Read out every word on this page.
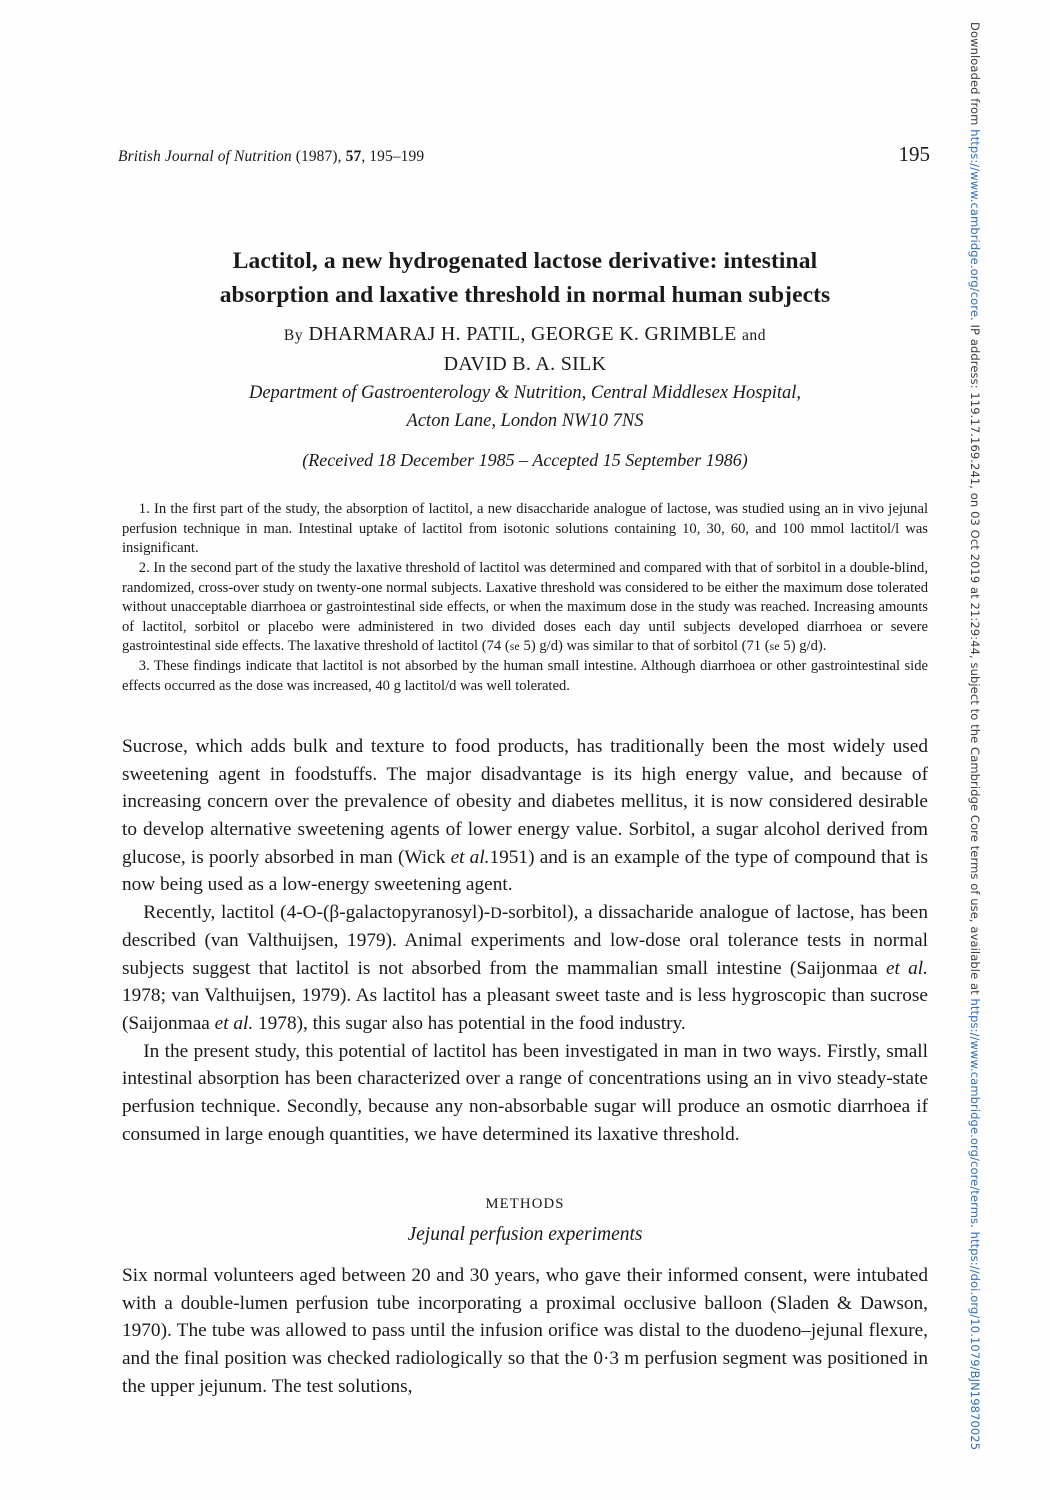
Downloaded from https://www.cambridge.org/core. IP address: 119.17.169.241, on 03 Oct 2019 at 21:29:44, subject to the Cambridge Core terms of use, available at https://www.cambridge.org/core/terms. https://doi.org/10.1079/BJN19870025
British Journal of Nutrition (1987), 57, 195–199	195
Lactitol, a new hydrogenated lactose derivative: intestinal
absorption and laxative threshold in normal human subjects
By DHARMARAJ H. PATIL, GEORGE K. GRIMBLE and
DAVID B. A. SILK
Department of Gastroenterology & Nutrition, Central Middlesex Hospital,
Acton Lane, London NW10 7NS
(Received 18 December 1985 – Accepted 15 September 1986)

1. In the first part of the study, the absorption of lactitol, a new disaccharide analogue of lactose, was studied using an in vivo jejunal perfusion technique in man. Intestinal uptake of lactitol from isotonic solutions containing 10, 30, 60, and 100 mmol lactitol/l was insignificant.

2. In the second part of the study the laxative threshold of lactitol was determined and compared with that of sorbitol in a double-blind, randomized, cross-over study on twenty-one normal subjects. Laxative threshold was considered to be either the maximum dose tolerated without unacceptable diarrhoea or gastrointestinal side effects, or when the maximum dose in the study was reached. Increasing amounts of lactitol, sorbitol or placebo were administered in two divided doses each day until subjects developed diarrhoea or severe gastrointestinal side effects. The laxative threshold of lactitol (74 (se 5) g/d) was similar to that of sorbitol (71 (se 5) g/d).

3. These findings indicate that lactitol is not absorbed by the human small intestine. Although diarrhoea or other gastrointestinal side effects occurred as the dose was increased, 40 g lactitol/d was well tolerated.

Sucrose, which adds bulk and texture to food products, has traditionally been the most widely used sweetening agent in foodstuffs. The major disadvantage is its high energy value, and because of increasing concern over the prevalence of obesity and diabetes mellitus, it is now considered desirable to develop alternative sweetening agents of lower energy value. Sorbitol, a sugar alcohol derived from glucose, is poorly absorbed in man (Wick et al.1951) and is an example of the type of compound that is now being used as a low-energy sweetening agent.

Recently, lactitol (4-O-(β-galactopyranosyl)-D-sorbitol), a dissacharide analogue of lactose, has been described (van Valthuijsen, 1979). Animal experiments and low-dose oral tolerance tests in normal subjects suggest that lactitol is not absorbed from the mammalian small intestine (Saijonmaa et al. 1978; van Valthuijsen, 1979). As lactitol has a pleasant sweet taste and is less hygroscopic than sucrose (Saijonmaa et al. 1978), this sugar also has potential in the food industry.

In the present study, this potential of lactitol has been investigated in man in two ways. Firstly, small intestinal absorption has been characterized over a range of concentrations using an in vivo steady-state perfusion technique. Secondly, because any non-absorbable sugar will produce an osmotic diarrhoea if consumed in large enough quantities, we have determined its laxative threshold.

METHODS
Jejunal perfusion experiments

Six normal volunteers aged between 20 and 30 years, who gave their informed consent, were intubated with a double-lumen perfusion tube incorporating a proximal occlusive balloon (Sladen & Dawson, 1970). The tube was allowed to pass until the infusion orifice was distal to the duodeno–jejunal flexure, and the final position was checked radiologically so that the 0·3 m perfusion segment was positioned in the upper jejunum. The test solutions,
